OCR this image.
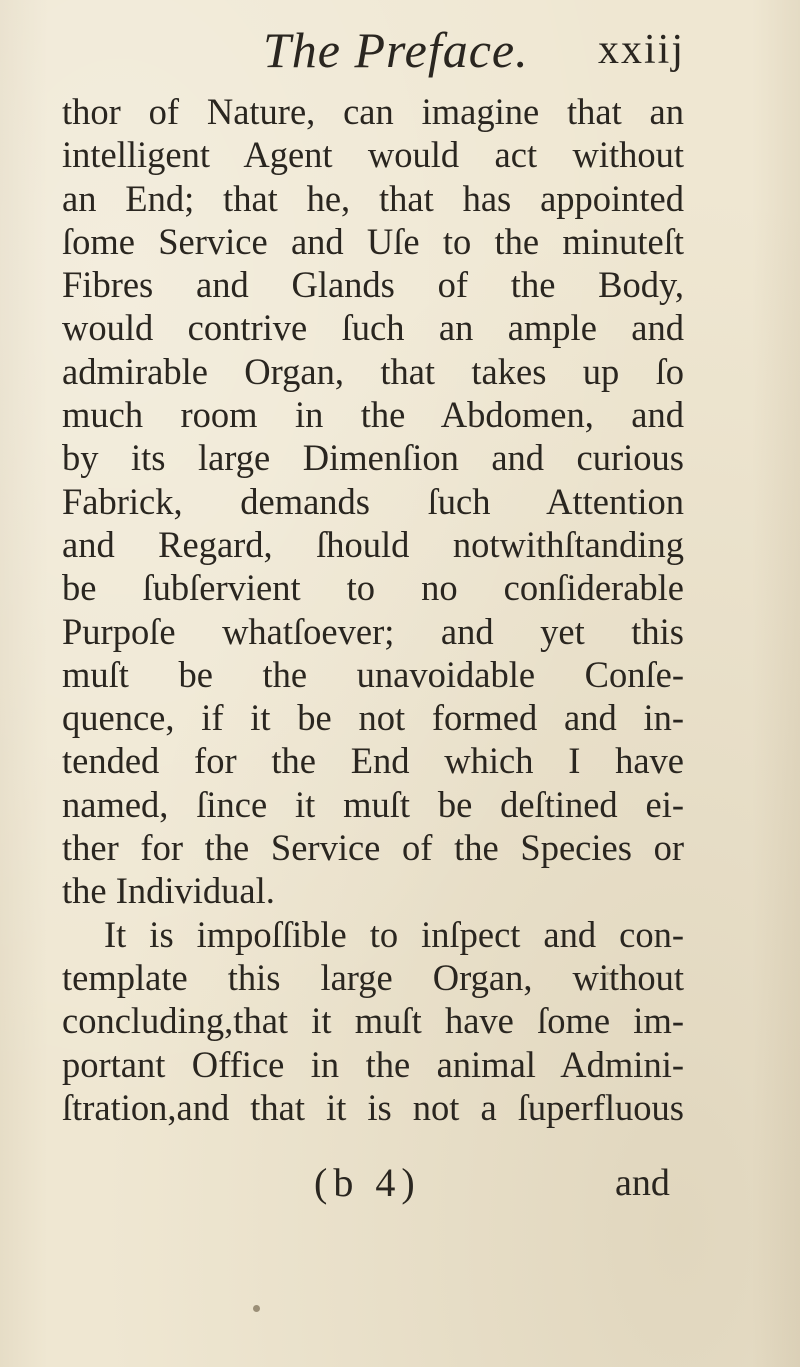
The Preface. xxiij
thor of Nature, can imagine that an
intelligent Agent would act without
an End; that he, that has appointed
ſome Service and Uſe to the minuteſt
Fibres and Glands of the Body,
would contrive ſuch an ample and
admirable Organ, that takes up ſo
much room in the Abdomen, and
by its large Dimenſion and curious
Fabrick, demands ſuch Attention
and Regard, ſhould notwithſtanding
be ſubſervient to no conſiderable
Purpoſe whatſoever; and yet this
muſt be the unavoidable Conſe-
quence, if it be not formed and in-
tended for the End which I have
named, ſince it muſt be deſtined ei-
ther for the Service of the Species or
the Individual.
It is impoſſible to inſpect and con-
template this large Organ, without
concluding,that it muſt have ſome im-
portant Office in the animal Admini-
ſtration,and that it is not a ſuperfluous
(b 4)	and
